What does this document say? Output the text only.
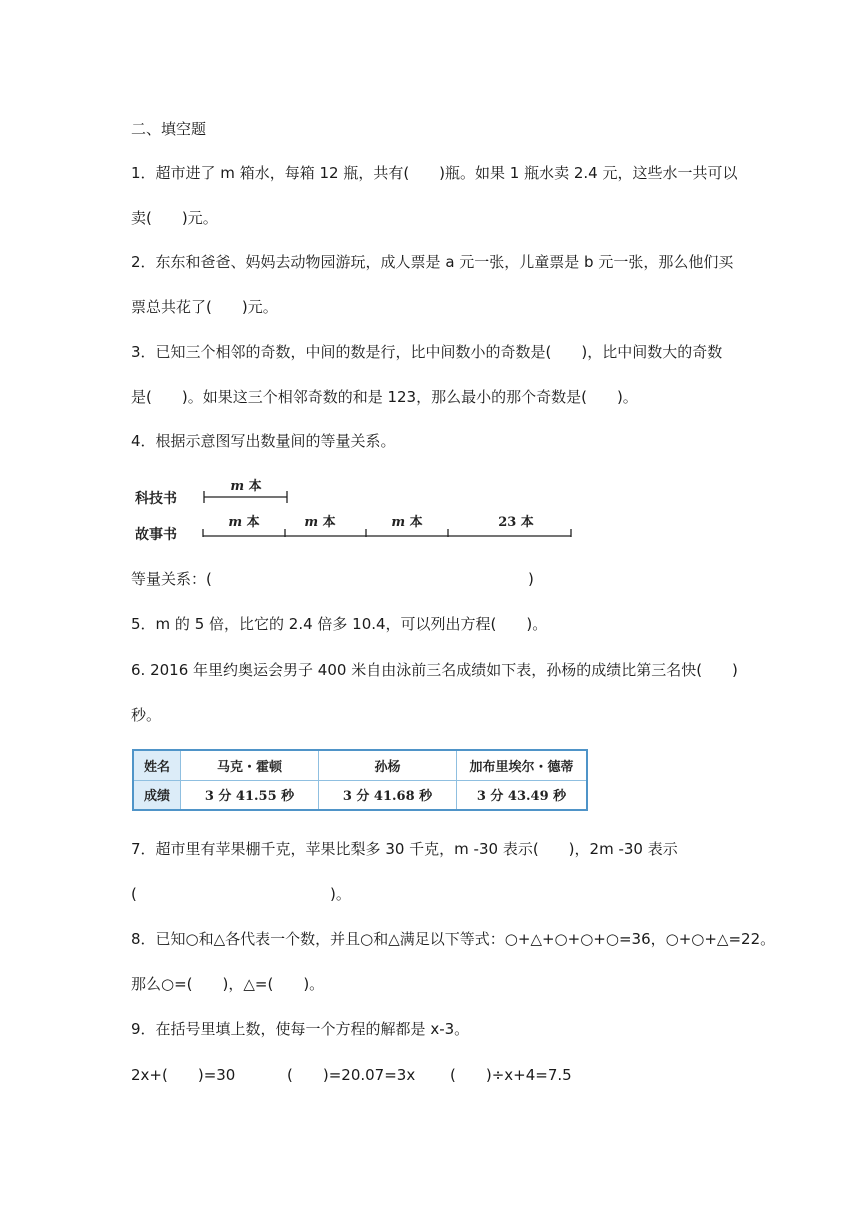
二、填空题
1．超市进了 m 箱水，每箱 12 瓶，共有(　　)瓶。如果 1 瓶水卖 2.4 元，这些水一共可以
卖(　　)元。
2．东东和爸爸、妈妈去动物园游玩，成人票是 a 元一张，儿童票是 b 元一张，那么他们买
票总共花了(　　)元。
3．已知三个相邻的奇数，中间的数是行，比中间数小的奇数是(　　)，比中间数大的奇数
是(　　)。如果这三个相邻奇数的和是 123，那么最小的那个奇数是(　　)。
4．根据示意图写出数量间的等量关系。
科技书
故事书
m 本
m 本	m 本	m 本	23 本
等量关系：(	)
5．m 的 5 倍，比它的 2.4 倍多 10.4，可以列出方程(　　)。
6. 2016 年里约奥运会男子 400 米自由泳前三名成绩如下表，孙杨的成绩比第三名快(　　)
秒。
姓名	马克・霍顿	孙杨	加布里埃尔・德蒂
成绩	3 分 41.55 秒	3 分 41.68 秒	3 分 43.49 秒
7．超市里有苹果棚千克，苹果比梨多 30 千克，m -30 表示(　　)，2m -30 表示
(	)。
8．已知○和△各代表一个数，并且○和△满足以下等式：○+△+○+○+○=36，○+○+△=22。
那么○=(　　)，△=(　　)。
9．在括号里填上数，使每一个方程的解都是 x-3。
2x+(　　)=30	(　　)=20.07=3x (　　)÷x+4=7.5
